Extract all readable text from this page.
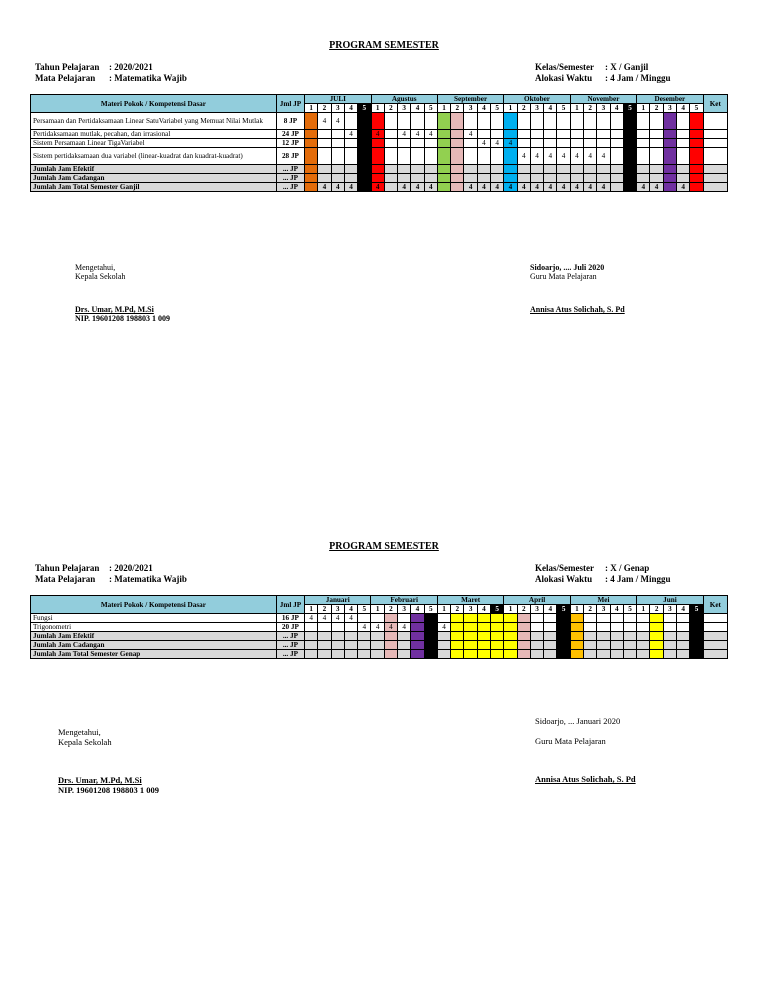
PROGRAM SEMESTER
Tahun Pelajaran : 2020/2021
Mata Pelajaran : Matematika Wajib
Kelas/Semester : X / Ganjil
Alokasi Waktu : 4 Jam / Minggu
Materi Pokok / Kompetensi Dasar	Jml JP	JULI					Agustus					September					Oktober					November					Desember					Ket
		1	2	3	4	5	1	2	3	4	5	1	2	3	4	5	1	2	3	4	5	1	2	3	4	5	1	2	3	4	5	
Persamaan dan Pertidaksamaan Linear SatuVariabel yang Memuat Nilai Mutlak	8 JP		4	4																												
Pertidaksamaan mutlak, pecahan, dan irrasional	24 JP				4		4		4	4	4			4																		
Sistem Persamaan Linear TigaVariabel	12 JP														4	4	4															
Sistem pertidaksamaan dua variabel (linear-kuadrat dan kuadrat-kuadrat)	28 JP																	4	4	4	4	4	4	4								
Jumlah Jam Efektif	... JP																															
Jumlah Jam Cadangan	... JP																															
Jumlah Jam Total Semester Ganjil	... JP		4	4	4		4		4	4	4			4	4	4	4	4	4	4	4	4	4	4			4	4		4		
Mengetahui,
Kepala Sekolah
Drs. Umar, M.Pd, M.Si
NIP. 19601208 198803 1 009
Sidoarjo, .... Juli 2020
Guru Mata Pelajaran
Annisa Atus Solichah, S. Pd
PROGRAM SEMESTER
Tahun Pelajaran : 2020/2021
Mata Pelajaran : Matematika Wajib
Kelas/Semester : X / Genap
Alokasi Waktu : 4 Jam / Minggu
Materi Pokok / Kompetensi Dasar	Jml JP	Januari					Februari					Maret					April					Mei					Juni					Ket
		1	2	3	4	5	1	2	3	4	5	1	2	3	4	5	1	2	3	4	5	1	2	3	4	5	1	2	3	4	5	
Fungsi	16 JP	4	4	4	4																											
Trigonometri	20 JP					4	4	4	4			4																				
Jumlah Jam Efektif	... JP																															
Jumlah Jam Cadangan	... JP																															
Jumlah Jam Total Semester Genap	... JP																															
Mengetahui,
Kepala Sekolah
Drs. Umar, M.Pd, M.Si
NIP. 19601208 198803 1 009
Sidoarjo, ... Januari 2020
Guru Mata Pelajaran
Annisa Atus Solichah, S. Pd
